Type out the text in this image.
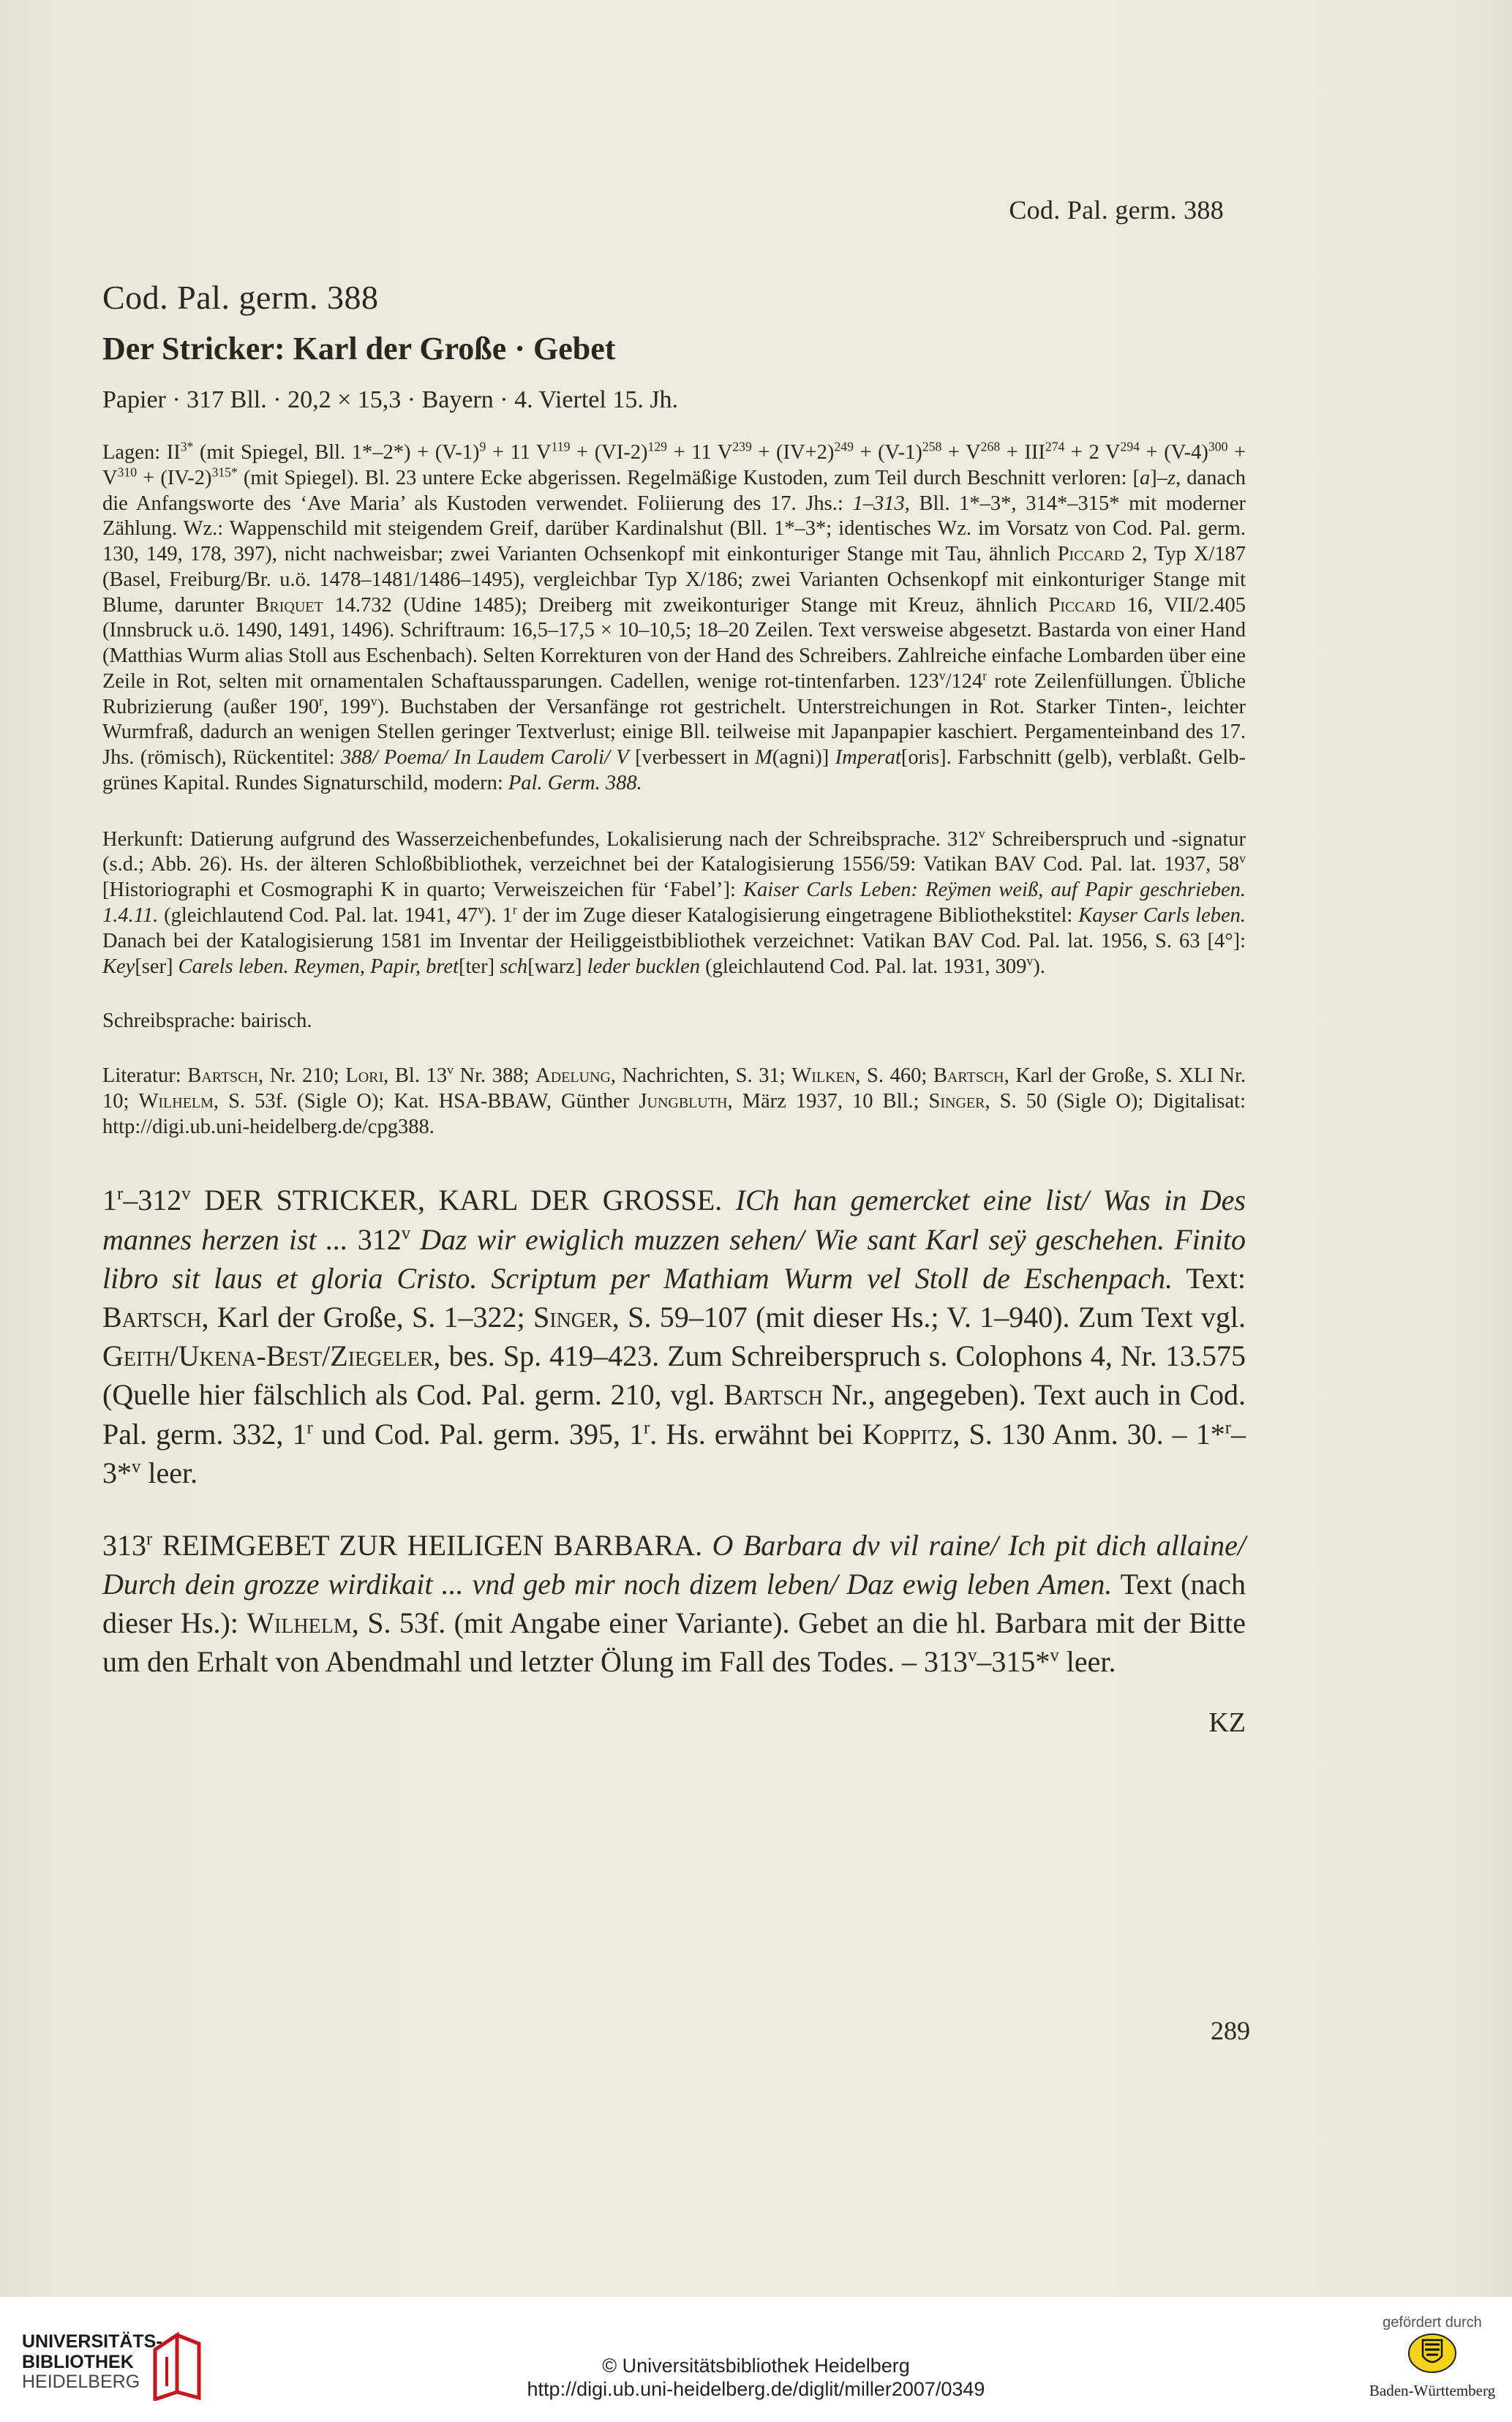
Cod. Pal. germ. 388
Cod. Pal. germ. 388
Der Stricker: Karl der Große · Gebet

Papier · 317 Bll. · 20,2 × 15,3 · Bayern · 4. Viertel 15. Jh.

Lagen: $II^{3*}$ (mit Spiegel, Bll. $1*-2*) + (V-1)^9 + 11$ $V^{119} + (VI-2)^{129} + 11$ $V^{239} + (IV+2)^{249} + (V-1)^{258} + V^{268} + III^{274} + 2$ $V^{294} + (V-4)^{300} + V^{310} + (IV-2)^{315*}$ (mit Spiegel). Bl. 23 untere Ecke abgerissen. Regelmäßige Kustoden, zum Teil durch Beschnitt verloren: [a]–z, danach die Anfangsworte des ‘Ave Maria’ als Kustoden verwendet. Foliierung des 17. Jhs.: 1–313, Bll. 1*–3*, 314*–315* mit moderner Zählung. Wz.: Wappenschild mit steigendem Greif, darüber Kardinalshut (Bll. 1*–3*; identisches Wz. im Vorsatz von Cod. Pal. germ. 130, 149, 178, 397), nicht nachweisbar; zwei Varianten Ochsenkopf mit einkonturiger Stange mit Tau, ähnlich Piccard 2, Typ X/187 (Basel, Freiburg/Br. u.ö. 1478–1481/1486–1495), vergleichbar Typ X/186; zwei Varianten Ochsenkopf mit einkonturiger Stange mit Blume, darunter Briquet 14.732 (Udine 1485); Dreiberg mit zweikonturiger Stange mit Kreuz, ähnlich Piccard 16, VII/2.405 (Innsbruck u.ö. 1490, 1491, 1496). Schriftraum: 16,5–17,5 × 10–10,5; 18–20 Zeilen. Text versweise abgesetzt. Bastarda von einer Hand (Matthias Wurm alias Stoll aus Eschenbach). Selten Korrekturen von der Hand des Schreibers. Zahlreiche einfache Lombarden über eine Zeile in Rot, selten mit ornamentalen Schaftaussparungen. Cadellen, wenige rot-tintenfarben. 123$^v$/124$^r$ rote Zeilenfüllungen. Übliche Rubrizierung (außer 190$^r$, 199$^v$). Buchstaben der Versanfänge rot gestrichelt. Unterstreichungen in Rot. Starker Tinten-, leichter Wurmfraß, dadurch an wenigen Stellen geringer Textverlust; einige Bll. teilweise mit Japanpapier kaschiert. Pergamenteinband des 17. Jhs. (römisch), Rückentitel: 388/ Poema/ In Laudem Caroli/ V [verbessert in M(agni)] Imperat[oris]. Farbschnitt (gelb), verblaßt. Gelb-grünes Kapital. Rundes Signaturschild, modern: Pal. Germ. 388.

Herkunft: Datierung aufgrund des Wasserzeichenbefundes, Lokalisierung nach der Schreibsprache. 312$^v$ Schreiberspruch und -signatur (s.d.; Abb. 26). Hs. der älteren Schloßbibliothek, verzeichnet bei der Katalogisierung 1556/59: Vatikan BAV Cod. Pal. lat. 1937, 58$^v$ [Historiographi et Cosmographi K in quarto; Verweiszeichen für ‘Fabel’]: Kaiser Carls Leben: Reÿmen weiß, auf Papir geschrieben. 1.4.11. (gleichlautend Cod. Pal. lat. 1941, 47$^v$). 1$^r$ der im Zuge dieser Katalogisierung eingetragene Bibliothekstitel: Kayser Carls leben. Danach bei der Katalogisierung 1581 im Inventar der Heiliggeistbibliothek verzeichnet: Vatikan BAV Cod. Pal. lat. 1956, S. 63 [4°]: Key[ser] Carels leben. Reymen, Papir, bret[ter] sch[warz] leder bucklen (gleichlautend Cod. Pal. lat. 1931, 309$^v$).

Schreibsprache: bairisch.

Literatur: Bartsch, Nr. 210; Lori, Bl. 13$^v$ Nr. 388; Adelung, Nachrichten, S. 31; Wilken, S. 460; Bartsch, Karl der Große, S. XLI Nr. 10; Wilhelm, S. 53f. (Sigle O); Kat. HSA-BBAW, Günther Jungbluth, März 1937, 10 Bll.; Singer, S. 50 (Sigle O); Digitalisat: http://digi.ub.uni-heidelberg.de/cpg388.

1$^r$–312$^v$ DER STRICKER, KARL DER GROSSE. ICh han gemercket eine list/ Was in Des mannes herzen ist ... 312$^v$ Daz wir ewiglich muzzen sehen/ Wie sant Karl seÿ geschehen. Finito libro sit laus et gloria Cristo. Scriptum per Mathiam Wurm vel Stoll de Eschenpach. Text: Bartsch, Karl der Große, S. 1–322; Singer, S. 59–107 (mit dieser Hs.; V. 1–940). Zum Text vgl. Geith/Ukena-Best/Ziegeler, bes. Sp. 419–423. Zum Schreiberspruch s. Colophons 4, Nr. 13.575 (Quelle hier fälschlich als Cod. Pal. germ. 210, vgl. Bartsch Nr., angegeben). Text auch in Cod. Pal. germ. 332, 1$^r$ und Cod. Pal. germ. 395, 1$^r$. Hs. erwähnt bei Koppitz, S. 130 Anm. 30. – 1*$^r$–3*$^v$ leer.

313$^r$ REIMGEBET ZUR HEILIGEN BARBARA. O Barbara dv vil raine/ Ich pit dich allaine/ Durch dein grozze wirdikait ... vnd geb mir noch dizem leben/ Daz ewig leben Amen. Text (nach dieser Hs.): Wilhelm, S. 53f. (mit Angabe einer Variante). Gebet an die hl. Barbara mit der Bitte um den Erhalt von Abendmahl und letzter Ölung im Fall des Todes. – 313$^v$–315*$^v$ leer.

KZ
289
UNIVERSITÄTS-
BIBLIOTHEK
HEIDELBERG
© Universitätsbibliothek Heidelberg
http://digi.ub.uni-heidelberg.de/diglit/miller2007/0349
gefördert durch
Baden-Württemberg
